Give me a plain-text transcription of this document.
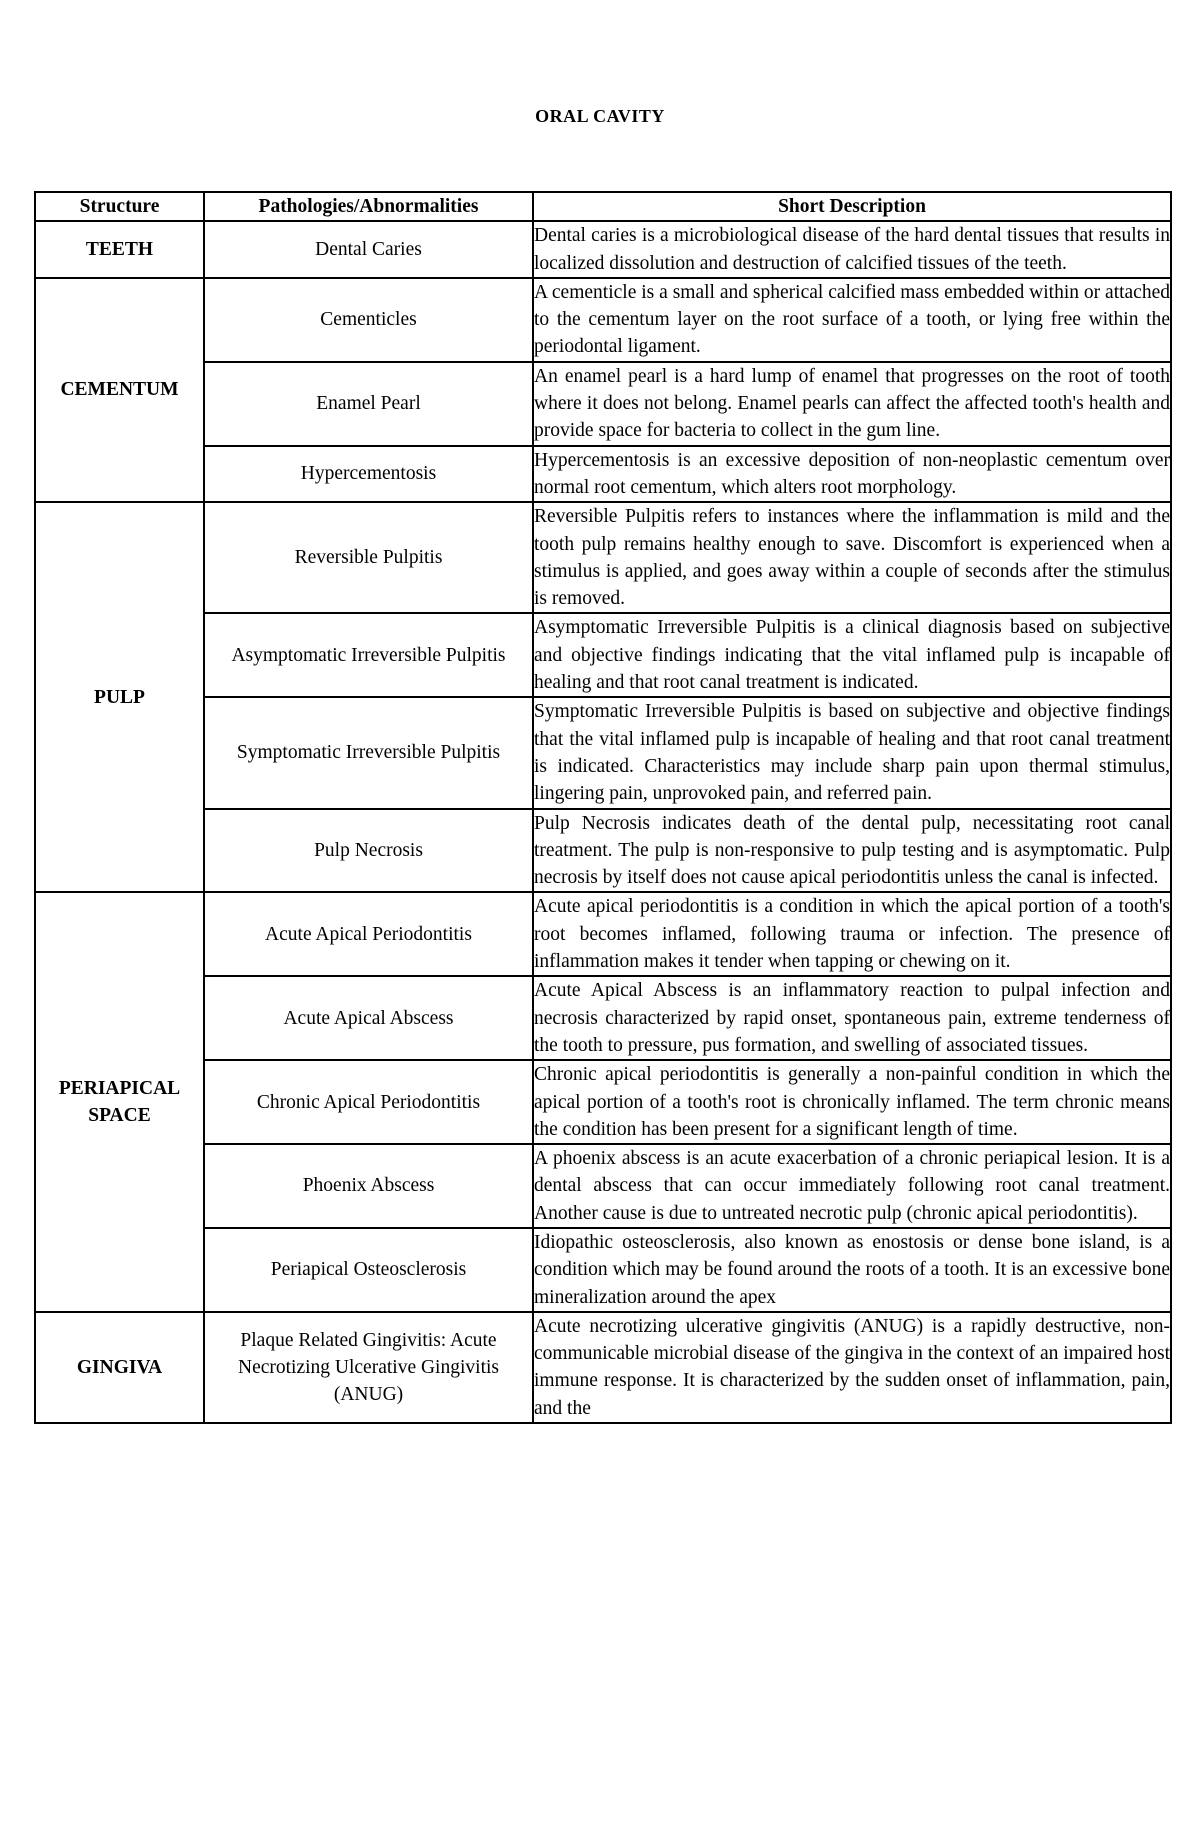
ORAL CAVITY
Structure	Pathologies/Abnormalities	Short Description
TEETH	Dental Caries	Dental caries is a microbiological disease of the hard dental tissues that results in localized dissolution and destruction of calcified tissues of the teeth.
CEMENTUM	Cementicles	A cementicle is a small and spherical calcified mass embedded within or attached to the cementum layer on the root surface of a tooth, or lying free within the periodontal ligament.
	Enamel Pearl	An enamel pearl is a hard lump of enamel that progresses on the root of tooth where it does not belong. Enamel pearls can affect the affected tooth's health and provide space for bacteria to collect in the gum line.
	Hypercementosis	Hypercementosis is an excessive deposition of non-neoplastic cementum over normal root cementum, which alters root morphology.
PULP	Reversible Pulpitis	Reversible Pulpitis refers to instances where the inflammation is mild and the tooth pulp remains healthy enough to save. Discomfort is experienced when a stimulus is applied, and goes away within a couple of seconds after the stimulus is removed.
	Asymptomatic Irreversible Pulpitis	Asymptomatic Irreversible Pulpitis is a clinical diagnosis based on subjective and objective findings indicating that the vital inflamed pulp is incapable of healing and that root canal treatment is indicated.
	Symptomatic Irreversible Pulpitis	Symptomatic Irreversible Pulpitis is based on subjective and objective findings that the vital inflamed pulp is incapable of healing and that root canal treatment is indicated. Characteristics may include sharp pain upon thermal stimulus, lingering pain, unprovoked pain, and referred pain.
	Pulp Necrosis	Pulp Necrosis indicates death of the dental pulp, necessitating root canal treatment. The pulp is non-responsive to pulp testing and is asymptomatic. Pulp necrosis by itself does not cause apical periodontitis unless the canal is infected.
PERIAPICAL SPACE	Acute Apical Periodontitis	Acute apical periodontitis is a condition in which the apical portion of a tooth's root becomes inflamed, following trauma or infection. The presence of inflammation makes it tender when tapping or chewing on it.
	Acute Apical Abscess	Acute Apical Abscess is an inflammatory reaction to pulpal infection and necrosis characterized by rapid onset, spontaneous pain, extreme tenderness of the tooth to pressure, pus formation, and swelling of associated tissues.
	Chronic Apical Periodontitis	Chronic apical periodontitis is generally a non-painful condition in which the apical portion of a tooth's root is chronically inflamed. The term chronic means the condition has been present for a significant length of time.
	Phoenix Abscess	A phoenix abscess is an acute exacerbation of a chronic periapical lesion. It is a dental abscess that can occur immediately following root canal treatment. Another cause is due to untreated necrotic pulp (chronic apical periodontitis).
	Periapical Osteosclerosis	Idiopathic osteosclerosis, also known as enostosis or dense bone island, is a condition which may be found around the roots of a tooth. It is an excessive bone mineralization around the apex
GINGIVA	Plaque Related Gingivitis: Acute Necrotizing Ulcerative Gingivitis (ANUG)	Acute necrotizing ulcerative gingivitis (ANUG) is a rapidly destructive, non-communicable microbial disease of the gingiva in the context of an impaired host immune response. It is characterized by the sudden onset of inflammation, pain, and the
